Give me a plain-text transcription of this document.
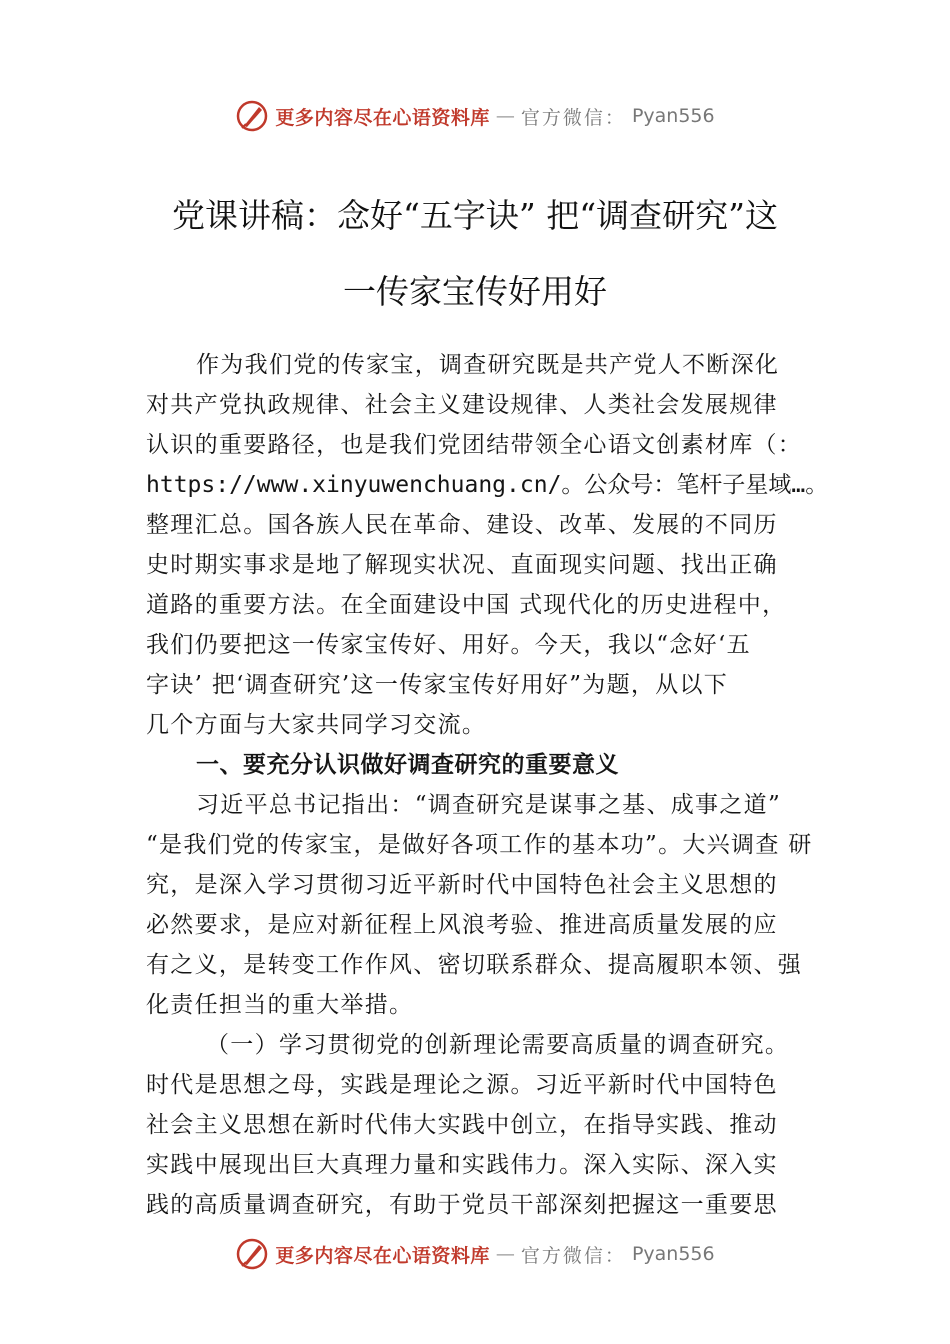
更多内容尽在心语资料库 — 官方微信： Pyan556
党课讲稿：念好“五字诀” 把“调查研究”这
一传家宝传好用好
作为我们党的传家宝，调查研究既是共产党人不断深化
对共产党执政规律、社会主义建设规律、人类社会发展规律
认识的重要路径，也是我们党团结带领全心语文创素材库（：
https://www.xinyuwenchuang.cn/。公众号：笔杆子星域…。
整理汇总。国各族人民在革命、建设、改革、发展的不同历
史时期实事求是地了解现实状况、直面现实问题、找出正确
道路的重要方法。在全面建设中国 式现代化的历史进程中，
我们仍要把这一传家宝传好、用好。今天，我以“念好‘五
字诀’ 把‘调查研究’这一传家宝传好用好”为题，从以下
几个方面与大家共同学习交流。
一、要充分认识做好调查研究的重要意义
习近平总书记指出：“调查研究是谋事之基、成事之道”
“是我们党的传家宝，是做好各项工作的基本功”。大兴调查 研
究，是深入学习贯彻习近平新时代中国特色社会主义思想的
必然要求，是应对新征程上风浪考验、推进高质量发展的应
有之义，是转变工作作风、密切联系群众、提高履职本领、强
化责任担当的重大举措。
（一）学习贯彻党的创新理论需要高质量的调查研究。
时代是思想之母，实践是理论之源。习近平新时代中国特色
社会主义思想在新时代伟大实践中创立，在指导实践、推动
实践中展现出巨大真理力量和实践伟力。深入实际、深入实
践的高质量调查研究，有助于党员干部深刻把握这一重要思
更多内容尽在心语资料库 — 官方微信： Pyan556
